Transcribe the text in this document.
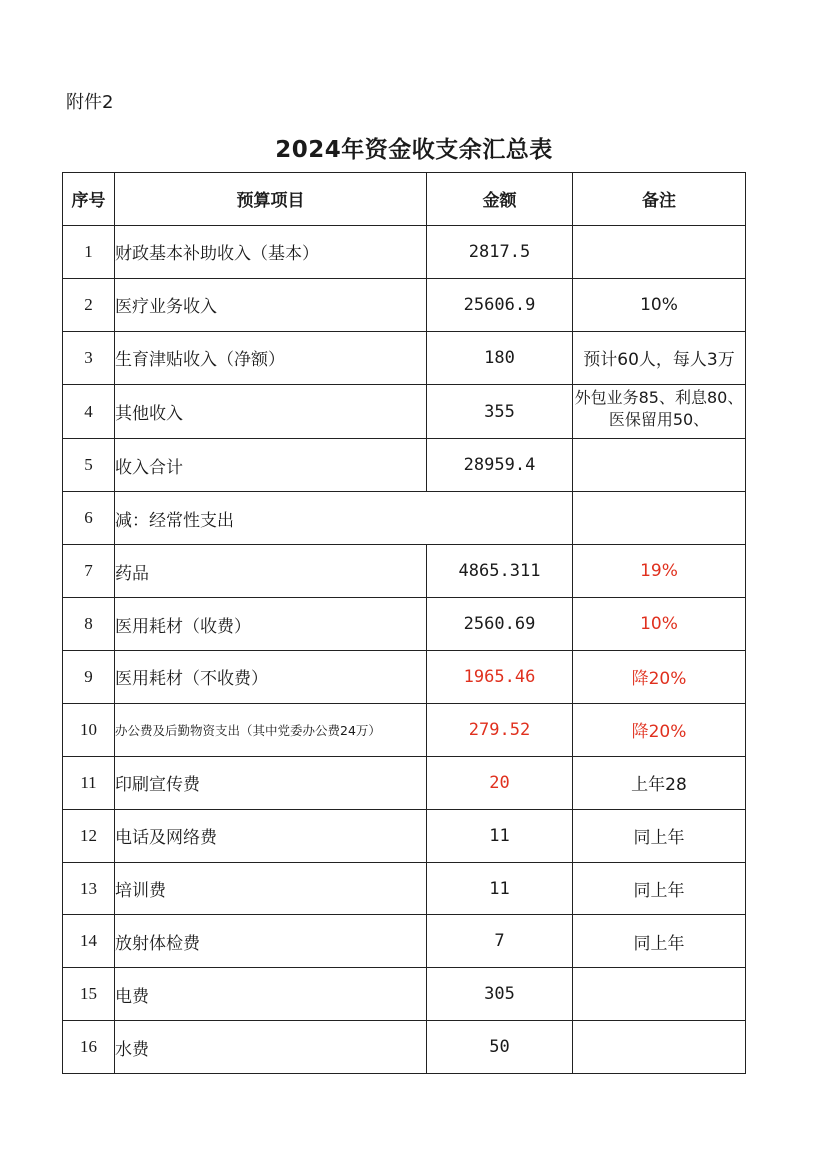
附件2
2024年资金收支余汇总表
序号	预算项目	金额	备注
1	财政基本补助收入（基本）	2817.5	
2	医疗业务收入	25606.9	10%
3	生育津贴收入（净额）	180	预计60人，每人3万
4	其他收入	355	外包业务85、利息80、医保留用50、

5	收入合计	28959.4	
6	减：经常性支出		
7	药品	4865.311	19%
8	医用耗材（收费）	2560.69	10%
9	医用耗材（不收费）	1965.46	降20%
10	办公费及后勤物资支出（其中党委办公费24万）	279.52	降20%
11	印刷宣传费	20	上年28
12	电话及网络费	11	同上年
13	培训费	11	同上年
14	放射体检费	7	同上年
15	电费	305	
16	水费	50	
